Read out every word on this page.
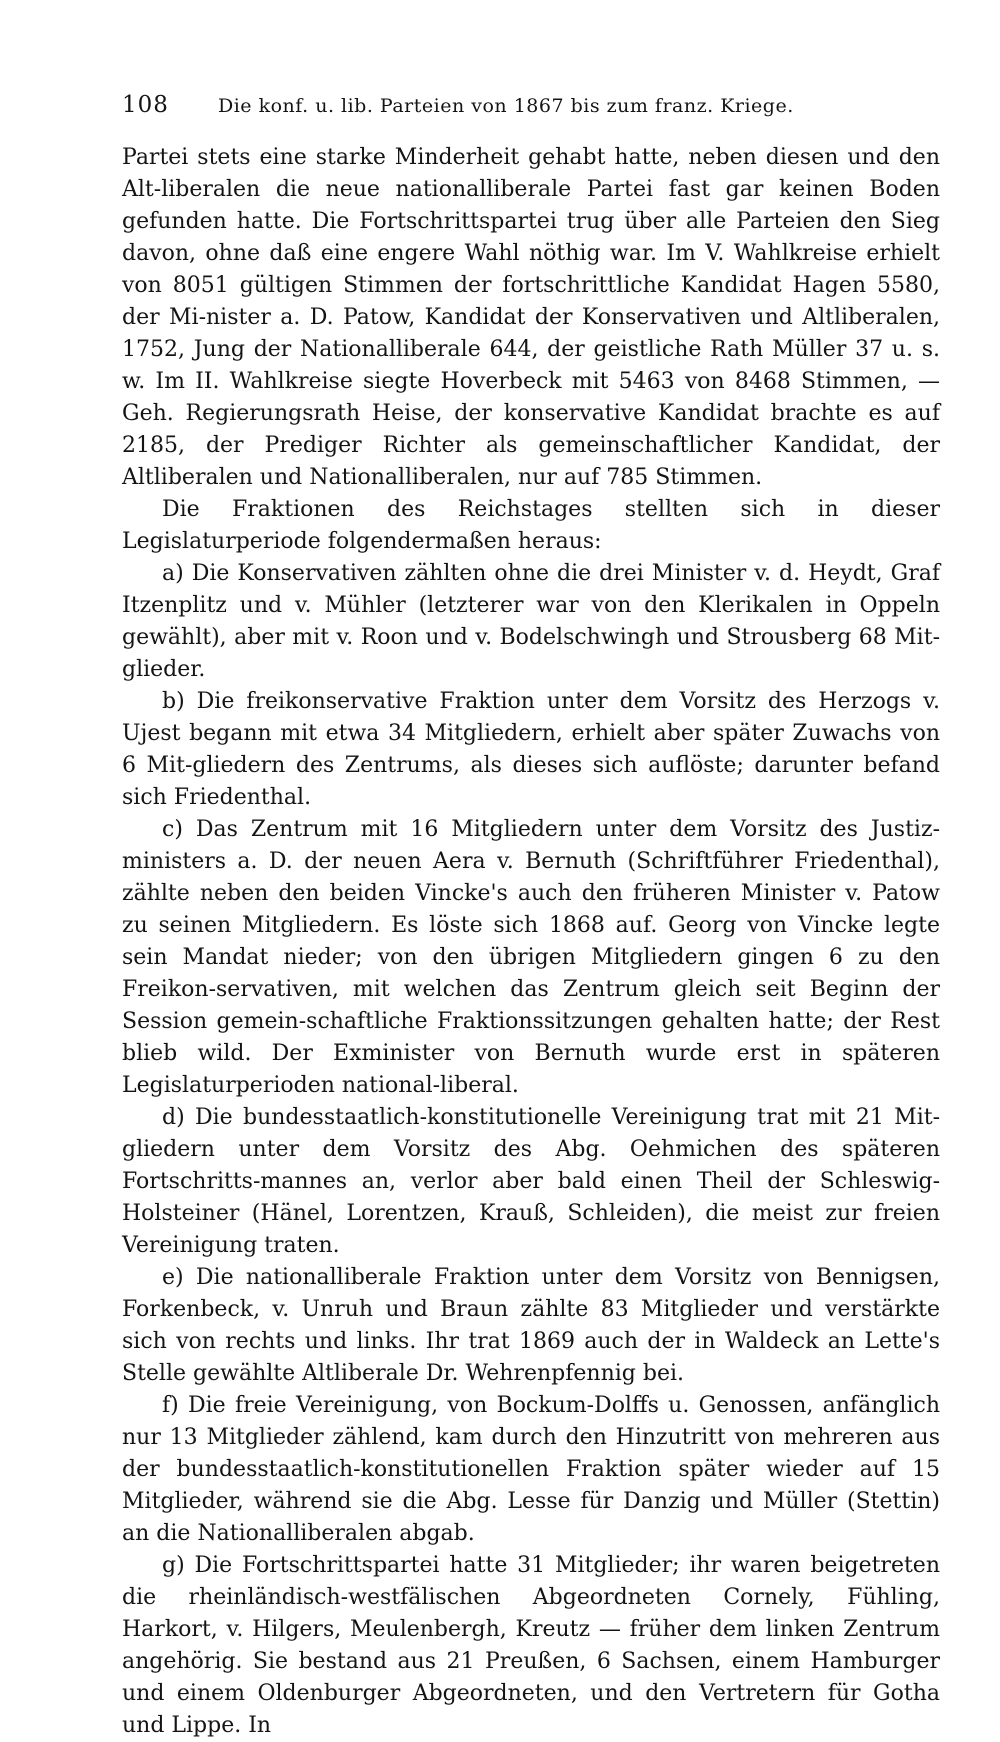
108	Die konf. u. lib. Parteien von 1867 bis zum franz. Kriege.

Partei stets eine starke Minderheit gehabt hatte, neben diesen und den Alt-liberalen die neue nationalliberale Partei fast gar keinen Boden gefunden hatte. Die Fortschrittspartei trug über alle Parteien den Sieg davon, ohne daß eine engere Wahl nöthig war. Im V. Wahlkreise erhielt von 8051 gültigen Stimmen der fortschrittliche Kandidat Hagen 5580, der Mi-nister a. D. Patow, Kandidat der Konservativen und Altliberalen, 1752, Jung der Nationalliberale 644, der geistliche Rath Müller 37 u. s. w. Im II. Wahlkreise siegte Hoverbeck mit 5463 von 8468 Stimmen, — Geh. Regierungsrath Heise, der konservative Kandidat brachte es auf 2185, der Prediger Richter als gemeinschaftlicher Kandidat, der Altliberalen und Nationalliberalen, nur auf 785 Stimmen.

Die Fraktionen des Reichstages stellten sich in dieser Legislaturperiode folgendermaßen heraus:

a) Die Konservativen zählten ohne die drei Minister v. d. Heydt, Graf Itzenplitz und v. Mühler (letzterer war von den Klerikalen in Oppeln gewählt), aber mit v. Roon und v. Bodelschwingh und Strousberg 68 Mit-glieder.

b) Die freikonservative Fraktion unter dem Vorsitz des Herzogs v. Ujest begann mit etwa 34 Mitgliedern, erhielt aber später Zuwachs von 6 Mit-gliedern des Zentrums, als dieses sich auflöste; darunter befand sich Friedenthal.

c) Das Zentrum mit 16 Mitgliedern unter dem Vorsitz des Justiz-ministers a. D. der neuen Aera v. Bernuth (Schriftführer Friedenthal), zählte neben den beiden Vincke's auch den früheren Minister v. Patow zu seinen Mitgliedern. Es löste sich 1868 auf. Georg von Vincke legte sein Mandat nieder; von den übrigen Mitgliedern gingen 6 zu den Freikon-servativen, mit welchen das Zentrum gleich seit Beginn der Session gemein-schaftliche Fraktionssitzungen gehalten hatte; der Rest blieb wild. Der Exminister von Bernuth wurde erst in späteren Legislaturperioden national-liberal.

d) Die bundesstaatlich-konstitutionelle Vereinigung trat mit 21 Mit-gliedern unter dem Vorsitz des Abg. Oehmichen des späteren Fortschritts-mannes an, verlor aber bald einen Theil der Schleswig-Holsteiner (Hänel, Lorentzen, Krauß, Schleiden), die meist zur freien Vereinigung traten.

e) Die nationalliberale Fraktion unter dem Vorsitz von Bennigsen, Forkenbeck, v. Unruh und Braun zählte 83 Mitglieder und verstärkte sich von rechts und links. Ihr trat 1869 auch der in Waldeck an Lette's Stelle gewählte Altliberale Dr. Wehrenpfennig bei.

f) Die freie Vereinigung, von Bockum-Dolffs u. Genossen, anfänglich nur 13 Mitglieder zählend, kam durch den Hinzutritt von mehreren aus der bundesstaatlich-konstitutionellen Fraktion später wieder auf 15 Mitglieder, während sie die Abg. Lesse für Danzig und Müller (Stettin) an die Nationalliberalen abgab.

g) Die Fortschrittspartei hatte 31 Mitglieder; ihr waren beigetreten die rheinländisch-westfälischen Abgeordneten Cornely, Fühling, Harkort, v. Hilgers, Meulenbergh, Kreutz — früher dem linken Zentrum angehörig. Sie bestand aus 21 Preußen, 6 Sachsen, einem Hamburger und einem Oldenburger Abgeordneten, und den Vertretern für Gotha und Lippe. In
